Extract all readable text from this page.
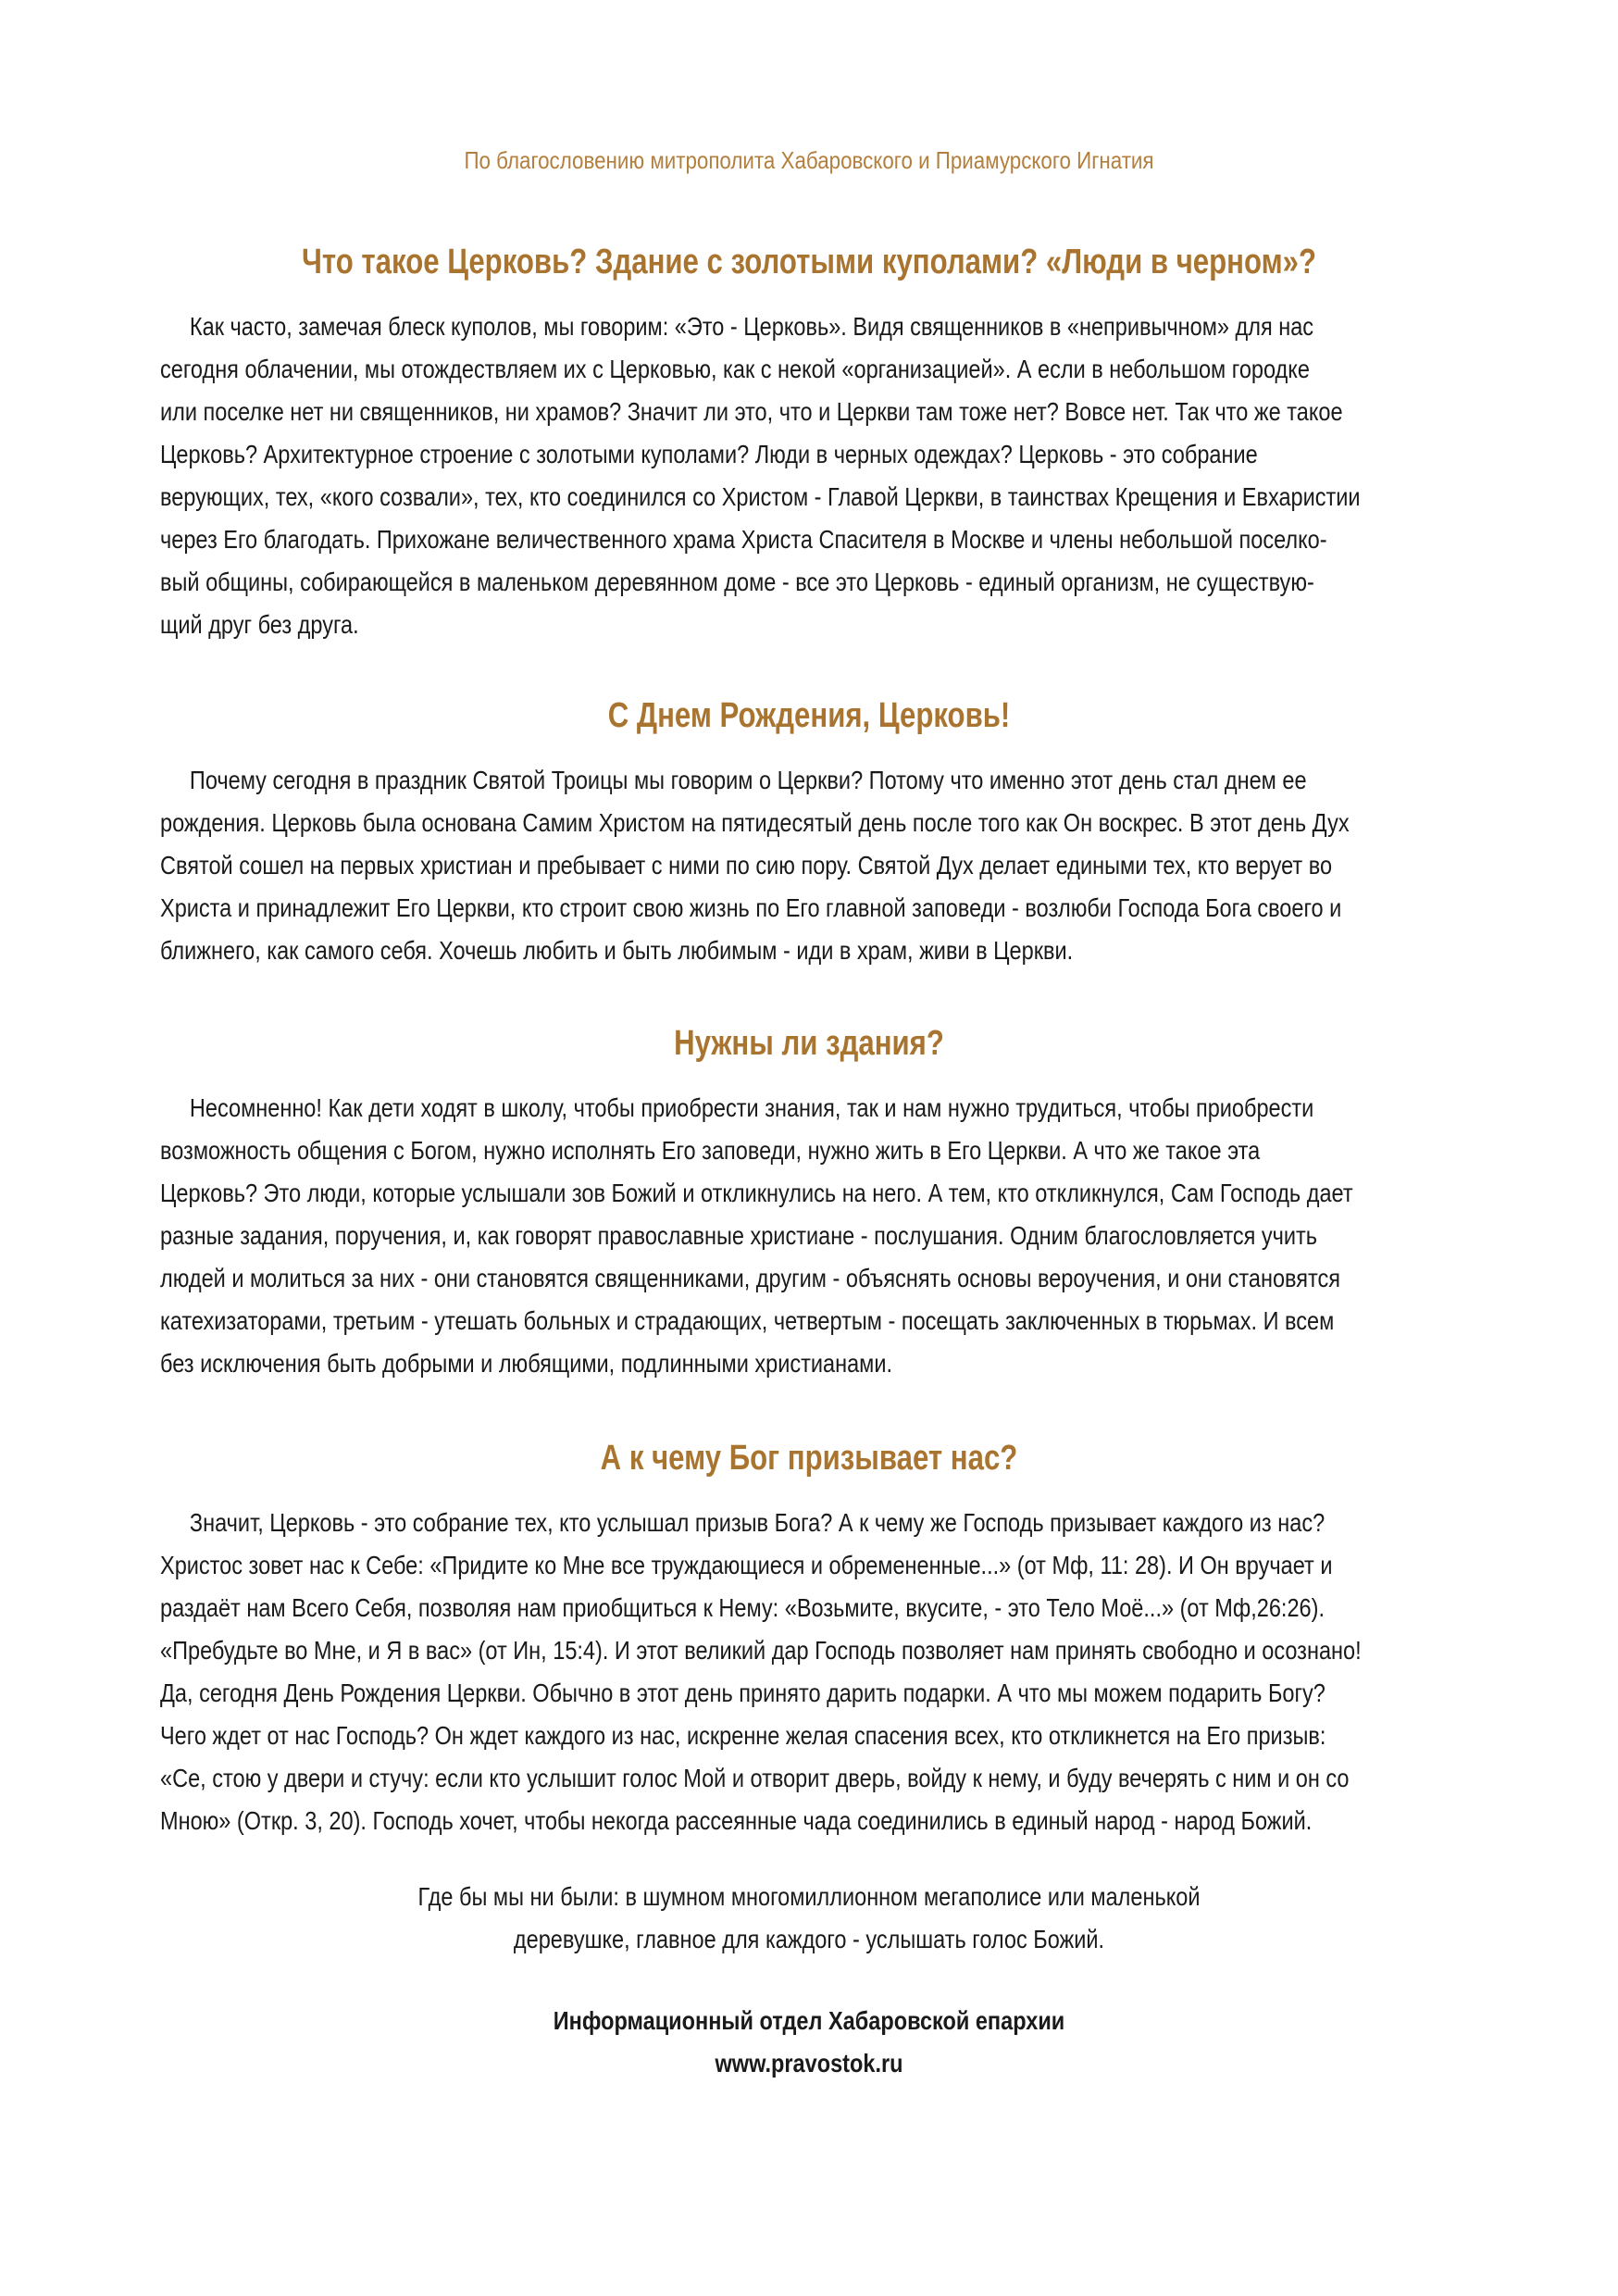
По благословению митрополита Хабаровского и Приамурского Игнатия
Что такое Церковь? Здание с золотыми куполами? «Люди в черном»?
Как часто, замечая блеск куполов, мы говорим: «Это - Церковь». Видя священников в «непривычном» для нас
сегодня облачении, мы отождествляем их с Церковью, как с некой «организацией». А если в небольшом городке
или поселке нет ни священников, ни храмов? Значит ли это, что и Церкви там тоже нет? Вовсе нет. Так что же такое
Церковь? Архитектурное строение с золотыми куполами? Люди в черных одеждах? Церковь - это собрание
верующих, тех, «кого созвали», тех, кто соединился со Христом - Главой Церкви, в таинствах Крещения и Евхаристии
через Его благодать. Прихожане величественного храма Христа Спасителя в Москве и члены небольшой поселко-
вый общины, собирающейся в маленьком деревянном доме - все это Церковь - единый организм, не существую-
щий друг без друга.
С Днем Рождения, Церковь!
Почему сегодня в праздник Святой Троицы мы говорим о Церкви? Потому что именно этот день стал днем ее
рождения. Церковь была основана Самим Христом на пятидесятый день после того как Он воскрес. В этот день Дух
Святой сошел на первых христиан и пребывает с ними по сию пору. Святой Дух делает едиными тех, кто верует во
Христа и принадлежит Его Церкви, кто строит свою жизнь по Его главной заповеди - возлюби Господа Бога своего и
ближнего, как самого себя. Хочешь любить и быть любимым - иди в храм, живи в Церкви.
Нужны ли здания?
Несомненно! Как дети ходят в школу, чтобы приобрести знания, так и нам нужно трудиться, чтобы приобрести
возможность общения с Богом, нужно исполнять Его заповеди, нужно жить в Его Церкви. А что же такое эта
Церковь? Это люди, которые услышали зов Божий и откликнулись на него. А тем, кто откликнулся, Сам Господь дает
разные задания, поручения, и, как говорят православные христиане - послушания. Одним благословляется учить
людей и молиться за них - они становятся священниками, другим - объяснять основы вероучения, и они становятся
катехизаторами, третьим - утешать больных и страдающих, четвертым - посещать заключенных в тюрьмах. И всем
без исключения быть добрыми и любящими, подлинными христианами.
А к чему Бог призывает нас?
Значит, Церковь - это собрание тех, кто услышал призыв Бога? А к чему же Господь призывает каждого из нас?
Христос зовет нас к Себе: «Придите ко Мне все труждающиеся и обремененные...» (от Мф, 11: 28). И Он вручает и
раздаёт нам Всего Себя, позволяя нам приобщиться к Нему: «Возьмите, вкусите, - это Тело Моё...» (от Мф,26:26).
«Пребудьте во Мне, и Я в вас» (от Ин, 15:4). И этот великий дар Господь позволяет нам принять свободно и осознано!
Да, сегодня День Рождения Церкви. Обычно в этот день принято дарить подарки. А что мы можем подарить Богу?
Чего ждет от нас Господь? Он ждет каждого из нас, искренне желая спасения всех, кто откликнется на Его призыв:
«Се, стою у двери и стучу: если кто услышит голос Мой и отворит дверь, войду к нему, и буду вечерять с ним и он со
Мною» (Откр. 3, 20). Господь хочет, чтобы некогда рассеянные чада соединились в единый народ - народ Божий.
Где бы мы ни были: в шумном многомиллионном мегаполисе или маленькой
деревушке, главное для каждого - услышать голос Божий.
Информационный отдел Хабаровской епархии
www.pravostok.ru
